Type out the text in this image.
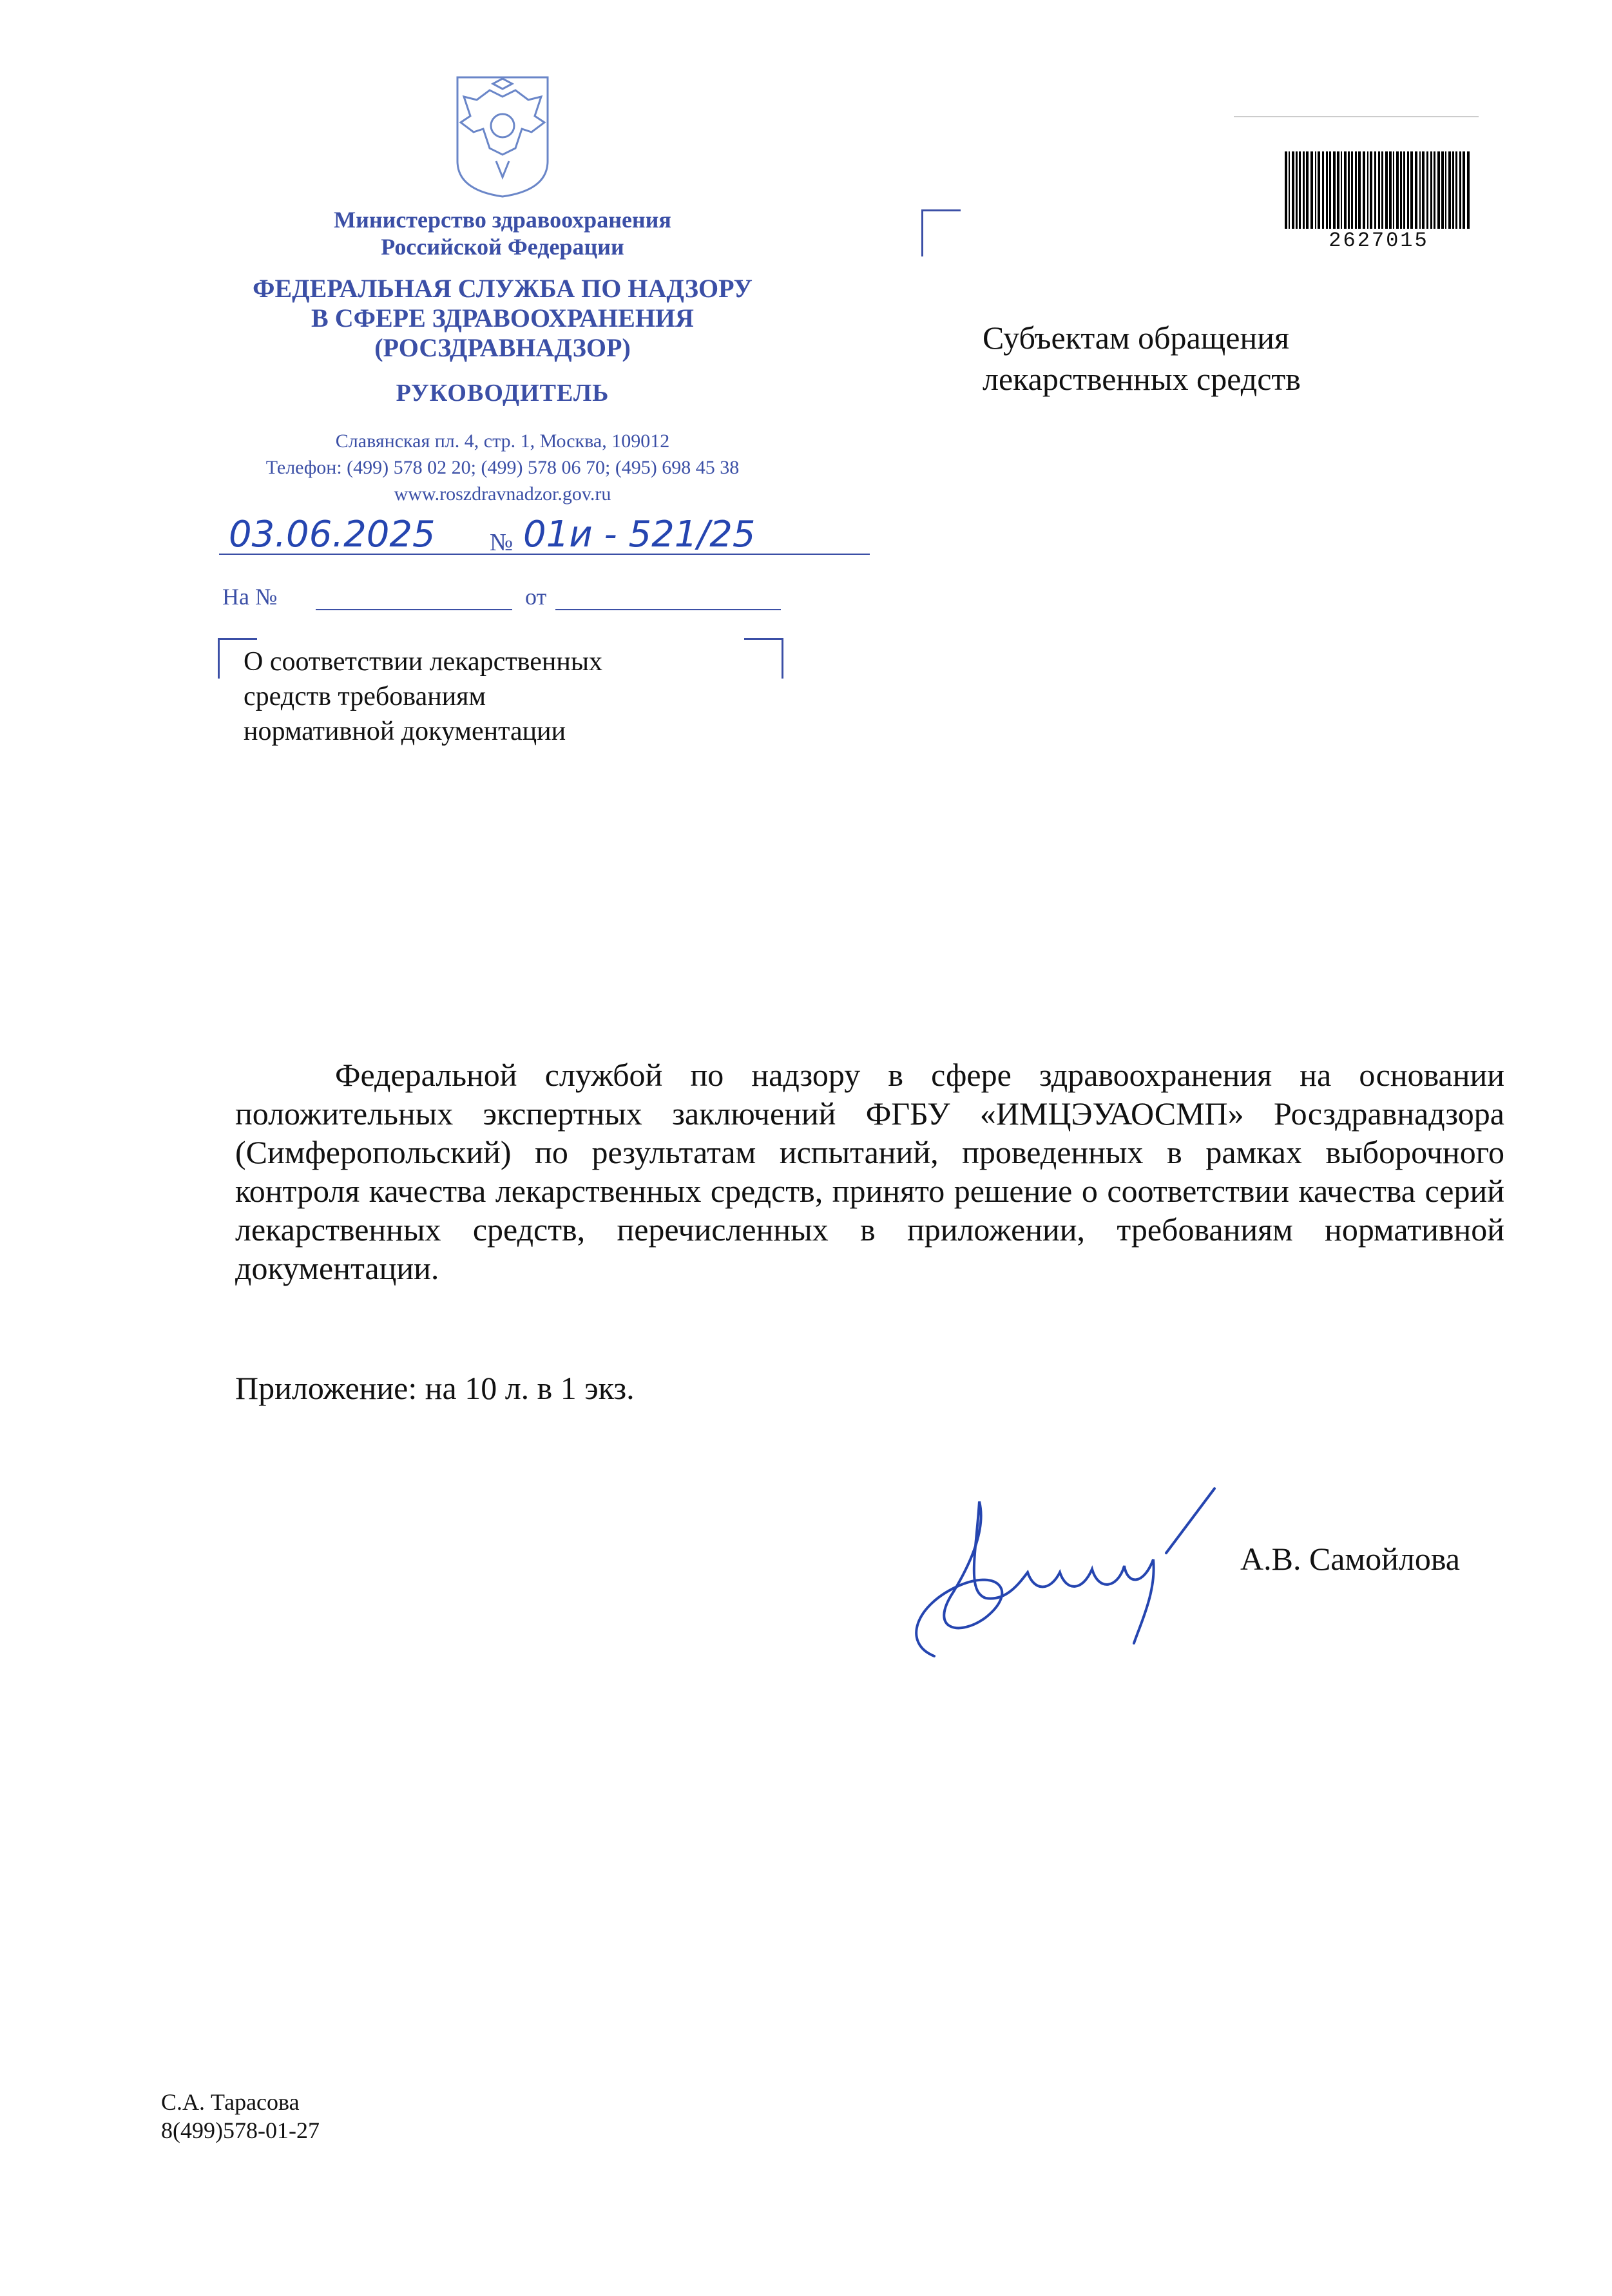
Министерство здравоохранения
Российской Федерации
ФЕДЕРАЛЬНАЯ СЛУЖБА ПО НАДЗОРУ
В СФЕРЕ ЗДРАВООХРАНЕНИЯ
(РОСЗДРАВНАДЗОР)
РУКОВОДИТЕЛЬ
Славянская пл. 4, стр. 1, Москва, 109012
Телефон: (499) 578 02 20; (499) 578 06 70; (495) 698 45 38
www.roszdravnadzor.gov.ru
03.06.2025 № 01и - 521/25
На №	от
О соответствии лекарственных
средств требованиям
нормативной документации
Субъектам обращения
лекарственных средств
2627015

Федеральной службой по надзору в сфере здравоохранения на основании положительных экспертных заключений ФГБУ «ИМЦЭУАОСМП» Росздравнадзора (Симферопольский) по результатам испытаний, проведенных в рамках выборочного контроля качества лекарственных средств, принято решение о соответствии качества серий лекарственных средств, перечисленных в приложении, требованиям нормативной документации.

Приложение: на 10 л. в 1 экз.
А.В. Самойлова
С.А. Тарасова
8(499)578-01-27
